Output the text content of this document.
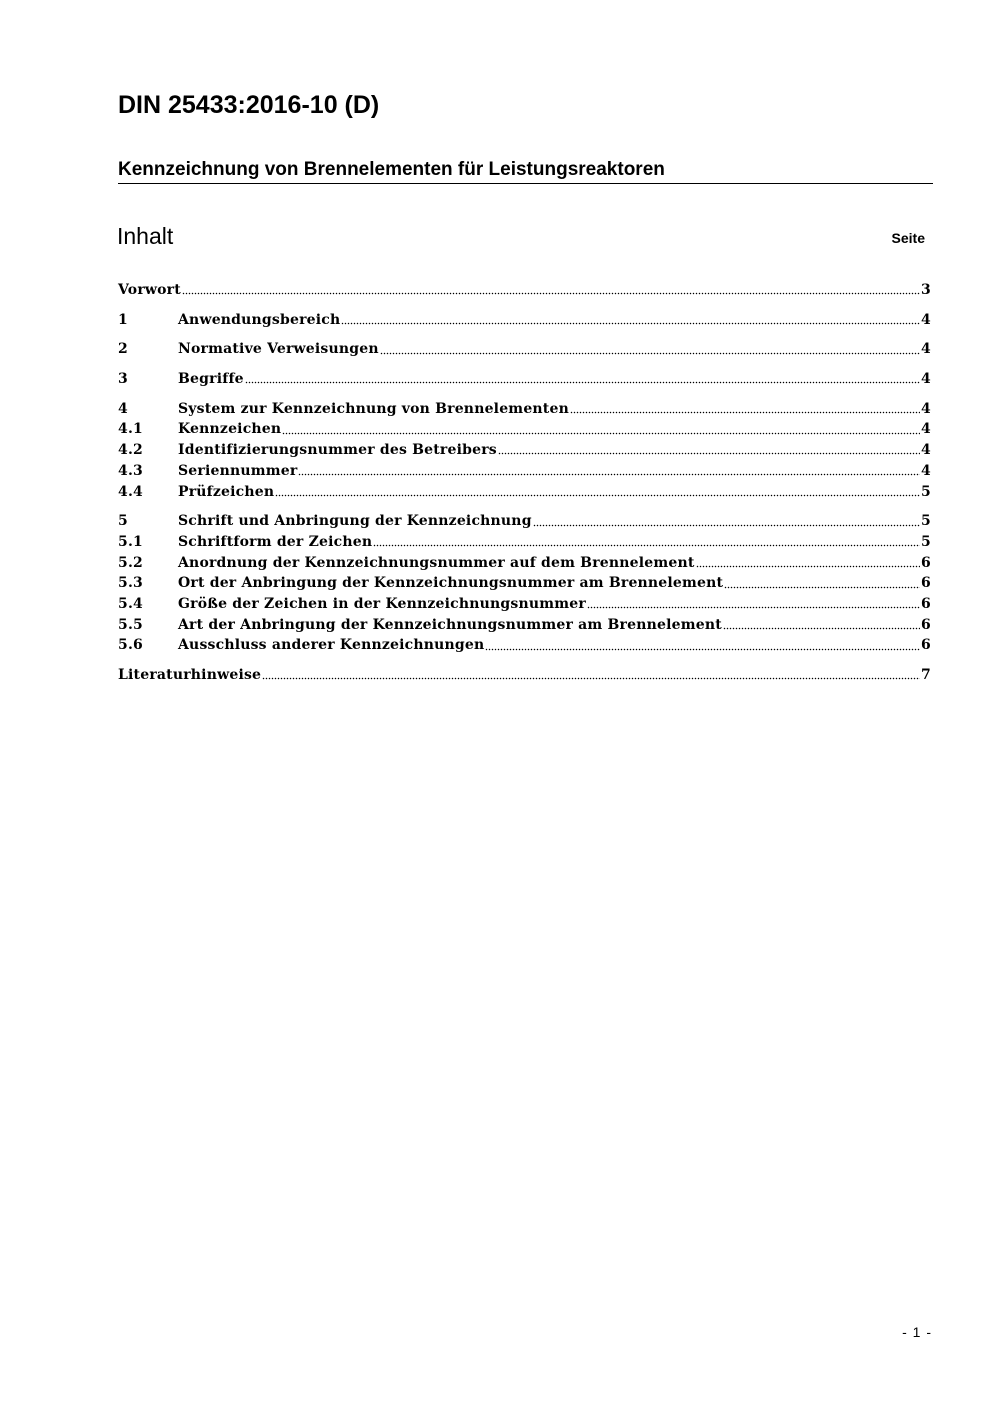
DIN 25433:2016-10 (D)
Kennzeichnung von Brennelementen für Leistungsreaktoren
Inhalt	Seite
Vorwort	3
1	Anwendungsbereich	4
2	Normative Verweisungen	4
3	Begriffe	4
4	System zur Kennzeichnung von Brennelementen	4
4.1	Kennzeichen	4
4.2	Identifizierungsnummer des Betreibers	4
4.3	Seriennummer	4
4.4	Prüfzeichen	5
5	Schrift und Anbringung der Kennzeichnung	5
5.1	Schriftform der Zeichen	5
5.2	Anordnung der Kennzeichnungsnummer auf dem Brennelement	6
5.3	Ort der Anbringung der Kennzeichnungsnummer am Brennelement	6
5.4	Größe der Zeichen in der Kennzeichnungsnummer	6
5.5	Art der Anbringung der Kennzeichnungsnummer am Brennelement	6
5.6	Ausschluss anderer Kennzeichnungen	6
Literaturhinweise	7
- 1 -
